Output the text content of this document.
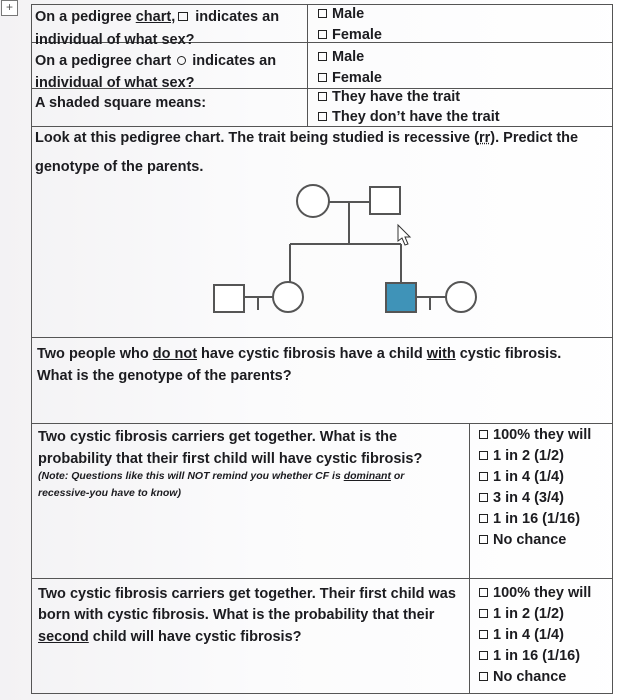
+
On a pedigree chart, indicates an
individual of what sex?
Male
Female
On a pedigree chart  indicates an
individual of what sex?
Male
Female
A shaded square means:	They have the trait
They don’t have the trait
Look at this pedigree chart. The trait being studied is recessive (rr). Predict the
genotype of the parents.
Two people who do not have cystic fibrosis have a child with cystic fibrosis.
What is the genotype of the parents?
Two cystic fibrosis carriers get together. What is the
probability that their first child will have cystic fibrosis?
(Note: Questions like this will NOT remind you whether CF is dominant or
recessive-you have to know)
100% they will
1 in 2 (1/2)
1 in 4 (1/4)
3 in 4 (3/4)
1 in 16 (1/16)
No chance
Two cystic fibrosis carriers get together. Their first child was
born with cystic fibrosis. What is the probability that their
second child will have cystic fibrosis?
100% they will
1 in 2 (1/2)
1 in 4 (1/4)
1 in 16 (1/16)
No chance
